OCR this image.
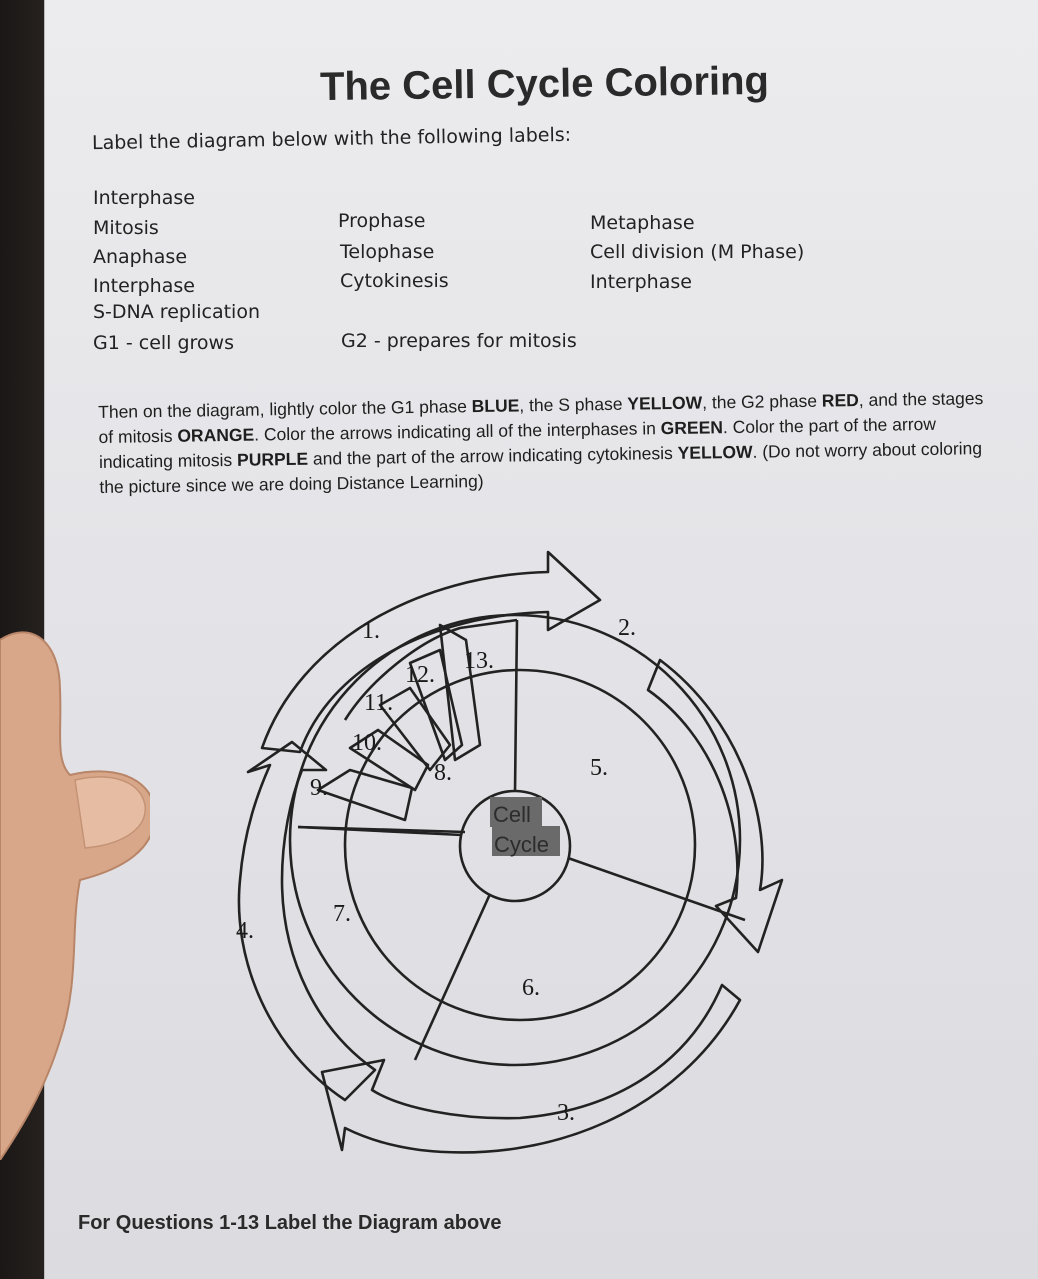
The Cell Cycle Coloring
Label the diagram below with the following labels:
Interphase
Mitosis	Prophase	Metaphase
Anaphase	Telophase	Cell division (M Phase)
Interphase	Cytokinesis	Interphase
S-DNA replication
G1 - cell grows	G2 - prepares for mitosis
Then on the diagram, lightly color the G1 phase BLUE, the S phase YELLOW, the G2 phase RED, and the stages of mitosis ORANGE. Color the arrows indicating all of the interphases in GREEN. Color the part of the arrow indicating mitosis PURPLE and the part of the arrow indicating cytokinesis YELLOW. (Do not worry about coloring the picture since we are doing Distance Learning)
Cell
Cycle
1.	2.
3.
4.
5.
6.
7.
8.
9.
10.
11.
12.
13.
For Questions 1-13 Label the Diagram above
